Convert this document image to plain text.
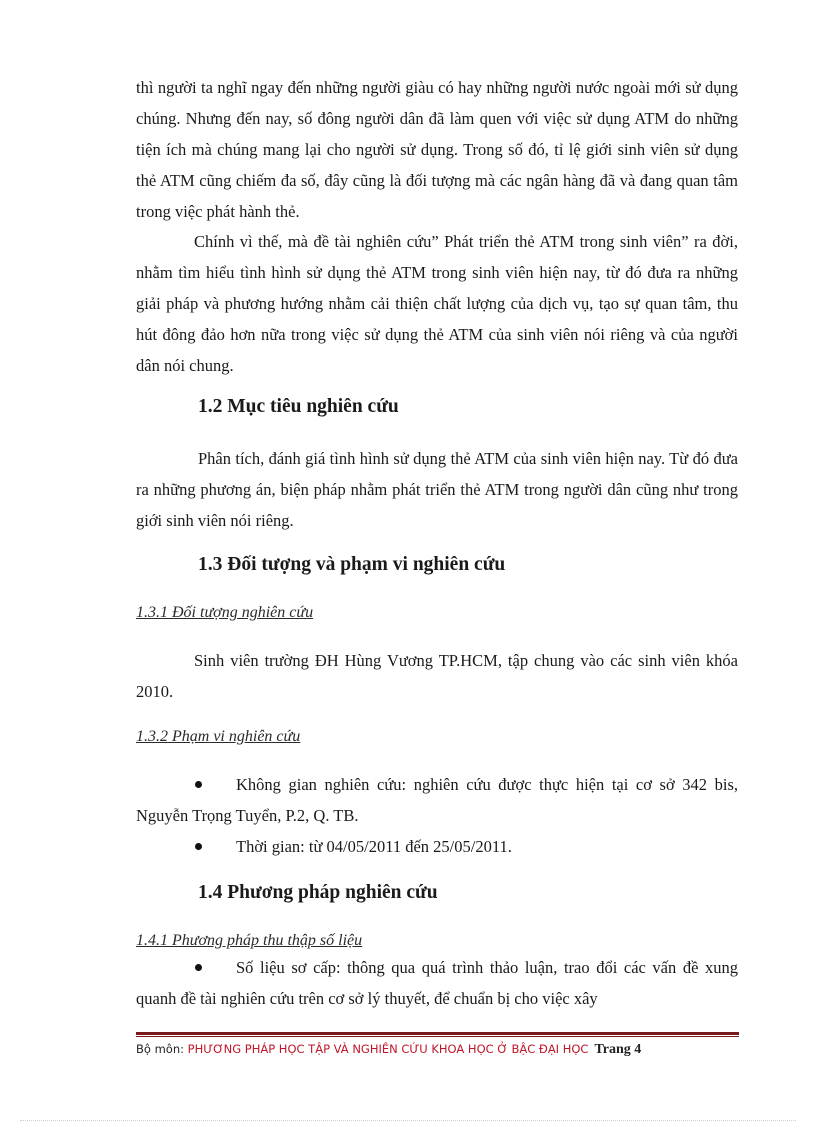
thì người ta nghĩ ngay đến những người giàu có hay những người nước ngoài mới sử dụng chúng. Nhưng đến nay, số đông người dân đã làm quen với việc sử dụng ATM do những tiện ích mà chúng mang lại cho người sử dụng. Trong số đó, tỉ lệ giới sinh viên sử dụng thẻ ATM cũng chiếm đa số, đây cũng là đối tượng mà các ngân hàng đã và đang quan tâm trong việc phát hành thẻ.

Chính vì thế, mà đề tài nghiên cứu” Phát triển thẻ ATM trong sinh viên” ra đời, nhằm tìm hiểu tình hình sử dụng thẻ ATM trong sinh viên hiện nay, từ đó đưa ra những giải pháp và phương hướng nhằm cải thiện chất lượng của dịch vụ, tạo sự quan tâm, thu hút đông đảo hơn nữa trong việc sử dụng thẻ ATM của sinh viên nói riêng và của người dân nói chung.

1.2 Mục tiêu nghiên cứu

Phân tích, đánh giá tình hình sử dụng thẻ ATM của sinh viên hiện nay. Từ đó đưa ra những phương án, biện pháp nhằm phát triển thẻ ATM trong người dân cũng như trong giới sinh viên nói riêng.

1.3 Đối tượng và phạm vi nghiên cứu

1.3.1 Đối tượng nghiên cứu

Sinh viên trường ĐH Hùng Vương TP.HCM, tập chung vào các sinh viên khóa 2010.

1.3.2 Phạm vi nghiên cứu

Không gian nghiên cứu: nghiên cứu được thực hiện tại cơ sở 342 bis, Nguyễn Trọng Tuyển, P.2, Q. TB.

Thời gian: từ 04/05/2011 đến 25/05/2011.

1.4 Phương pháp nghiên cứu

1.4.1 Phương pháp thu thập số liệu

Số liệu sơ cấp: thông qua quá trình thảo luận, trao đổi các vấn đề xung quanh đề tài nghiên cứu trên cơ sở lý thuyết, để chuẩn bị cho việc xây

Bộ môn: PHƯƠNG PHÁP HỌC TẬP VÀ NGHIÊN CỨU KHOA HỌC Ở BẬC ĐẠI HỌC Trang 4
